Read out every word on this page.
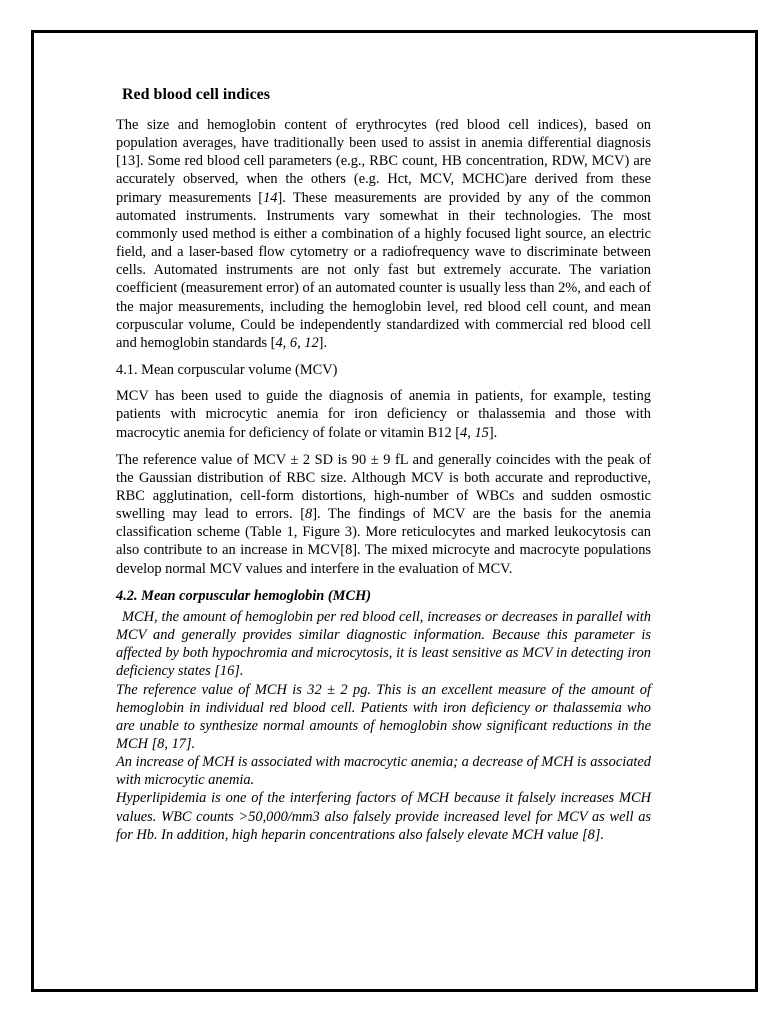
Red blood cell indices

The size and hemoglobin content of erythrocytes (red blood cell indices), based on population averages, have traditionally been used to assist in anemia differential diagnosis [13]. Some red blood cell parameters (e.g., RBC count, HB concentration, RDW, MCV) are accurately observed, when the others (e.g. Hct, MCV, MCHC)are derived from these primary measurements [14]. These measurements are provided by any of the common automated instruments. Instruments vary somewhat in their technologies. The most commonly used method is either a combination of a highly focused light source, an electric field, and a laser-based flow cytometry or a radiofrequency wave to discriminate between cells. Automated instruments are not only fast but extremely accurate. The variation coefficient (measurement error) of an automated counter is usually less than 2%, and each of the major measurements, including the hemoglobin level, red blood cell count, and mean corpuscular volume, Could be independently standardized with commercial red blood cell and hemoglobin standards [4, 6, 12].

4.1. Mean corpuscular volume (MCV)

MCV has been used to guide the diagnosis of anemia in patients, for example, testing patients with microcytic anemia for iron deficiency or thalassemia and those with macrocytic anemia for deficiency of folate or vitamin B12 [4, 15].

The reference value of MCV ± 2 SD is 90 ± 9 fL and generally coincides with the peak of the Gaussian distribution of RBC size. Although MCV is both accurate and reproductive, RBC agglutination, cell-form distortions, high-number of WBCs and sudden osmostic swelling may lead to errors. [8]. The findings of MCV are the basis for the anemia classification scheme (Table 1, Figure 3). More reticulocytes and marked leukocytosis can also contribute to an increase in MCV[8]. The mixed microcyte and macrocyte populations develop normal MCV values and interfere in the evaluation of MCV.

4.2. Mean corpuscular hemoglobin (MCH)

MCH, the amount of hemoglobin per red blood cell, increases or decreases in parallel with MCV and generally provides similar diagnostic information. Because this parameter is affected by both hypochromia and microcytosis, it is least sensitive as MCV in detecting iron deficiency states [16].

The reference value of MCH is 32 ± 2 pg. This is an excellent measure of the amount of hemoglobin in individual red blood cell. Patients with iron deficiency or thalassemia who are unable to synthesize normal amounts of hemoglobin show significant reductions in the MCH [8, 17].

An increase of MCH is associated with macrocytic anemia; a decrease of MCH is associated with microcytic anemia.

Hyperlipidemia is one of the interfering factors of MCH because it falsely increases MCH values. WBC counts >50,000/mm3 also falsely provide increased level for MCV as well as for Hb. In addition, high heparin concentrations also falsely elevate MCH value [8].
